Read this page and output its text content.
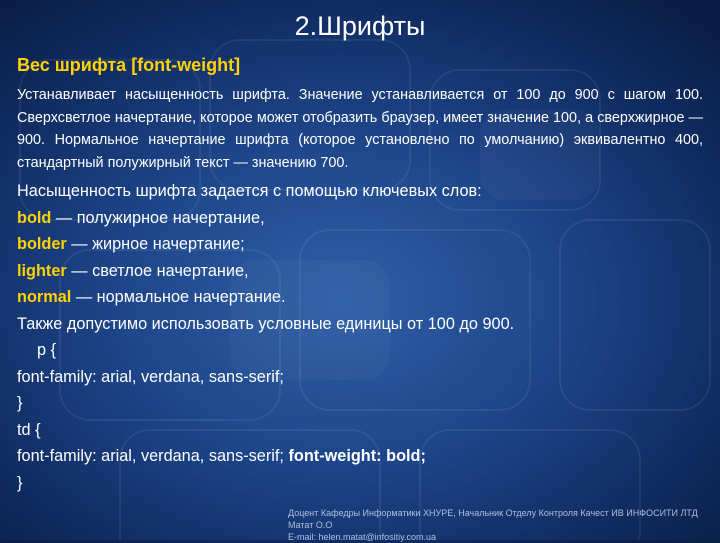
2.Шрифты
Вес шрифта [font-weight]
Устанавливает насыщенность шрифта. Значение устанавливается от 100 до 900 с шагом 100. Сверхсветлое начертание, которое может отобразить браузер, имеет значение 100, а сверхжирное — 900. Нормальное начертание шрифта (которое установлено по умолчанию) эквивалентно 400, стандартный полужирный текст — значению 700.
Насыщенность шрифта задается с помощью ключевых слов:
bold — полужирное начертание,
bolder — жирное начертание;
lighter — светлое начертание,
normal — нормальное начертание.
Также допустимо использовать условные единицы от 100 до 900.
p {
font-family: arial, verdana, sans-serif;
}
td {
font-family: arial, verdana, sans-serif; font-weight: bold;
}
Доцент Кафедры Информатики ХНУРЕ, Начальник Отделу Контроля Качест ИВ ИНФОСИТИ ЛТД Матат О.О
E-mail: helen.matat@infositiy.com.ua
